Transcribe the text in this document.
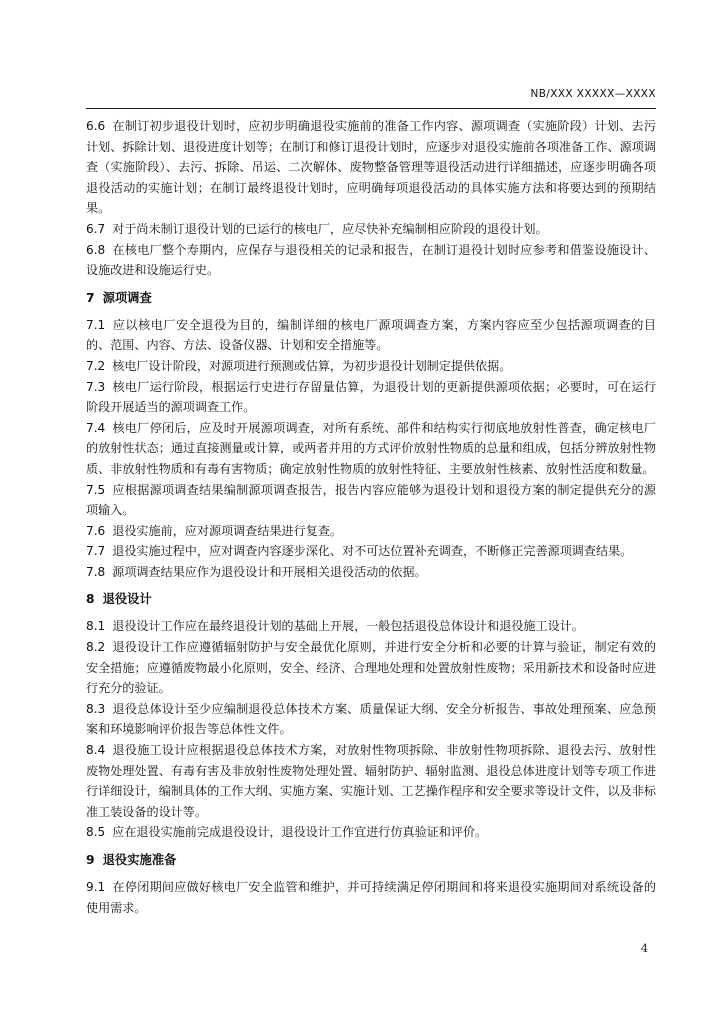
NB/XXX XXXXX—XXXX

6.6 在制订初步退役计划时，应初步明确退役实施前的准备工作内容、源项调查（实施阶段）计划、去污计划、拆除计划、退役进度计划等；在制订和修订退役计划时，应逐步对退役实施前各项准备工作、源项调查（实施阶段）、去污、拆除、吊运、二次解体、废物整备管理等退役活动进行详细描述，应逐步明确各项退役活动的实施计划；在制订最终退役计划时，应明确每项退役活动的具体实施方法和将要达到的预期结果。

6.7 对于尚未制订退役计划的已运行的核电厂，应尽快补充编制相应阶段的退役计划。

6.8 在核电厂整个寿期内，应保存与退役相关的记录和报告，在制订退役计划时应参考和借鉴设施设计、设施改进和设施运行史。

7 源项调查

7.1 应以核电厂安全退役为目的，编制详细的核电厂源项调查方案，方案内容应至少包括源项调查的目的、范围、内容、方法、设备仪器、计划和安全措施等。

7.2 核电厂设计阶段，对源项进行预测或估算，为初步退役计划制定提供依据。

7.3 核电厂运行阶段，根据运行史进行存留量估算，为退役计划的更新提供源项依据；必要时，可在运行阶段开展适当的源项调查工作。

7.4 核电厂停闭后，应及时开展源项调查，对所有系统、部件和结构实行彻底地放射性普查，确定核电厂的放射性状态；通过直接测量或计算，或两者并用的方式评价放射性物质的总量和组成，包括分辨放射性物质、非放射性物质和有毒有害物质；确定放射性物质的放射性特征、主要放射性核素、放射性活度和数量。

7.5 应根据源项调查结果编制源项调查报告，报告内容应能够为退役计划和退役方案的制定提供充分的源项输入。

7.6 退役实施前，应对源项调查结果进行复查。

7.7 退役实施过程中，应对调查内容逐步深化、对不可达位置补充调查，不断修正完善源项调查结果。

7.8 源项调查结果应作为退役设计和开展相关退役活动的依据。

8 退役设计

8.1 退役设计工作应在最终退役计划的基础上开展，一般包括退役总体设计和退役施工设计。

8.2 退役设计工作应遵循辐射防护与安全最优化原则，并进行安全分析和必要的计算与验证，制定有效的安全措施；应遵循废物最小化原则，安全、经济、合理地处理和处置放射性废物；采用新技术和设备时应进行充分的验证。

8.3 退役总体设计至少应编制退役总体技术方案、质量保证大纲、安全分析报告、事故处理预案、应急预案和环境影响评价报告等总体性文件。

8.4 退役施工设计应根据退役总体技术方案，对放射性物项拆除、非放射性物项拆除、退役去污、放射性废物处理处置、有毒有害及非放射性废物处理处置、辐射防护、辐射监测、退役总体进度计划等专项工作进行详细设计，编制具体的工作大纲、实施方案、实施计划、工艺操作程序和安全要求等设计文件，以及非标准工装设备的设计等。

8.5 应在退役实施前完成退役设计，退役设计工作宜进行仿真验证和评价。

9 退役实施准备

9.1 在停闭期间应做好核电厂安全监管和维护，并可持续满足停闭期间和将来退役实施期间对系统设备的使用需求。

4
